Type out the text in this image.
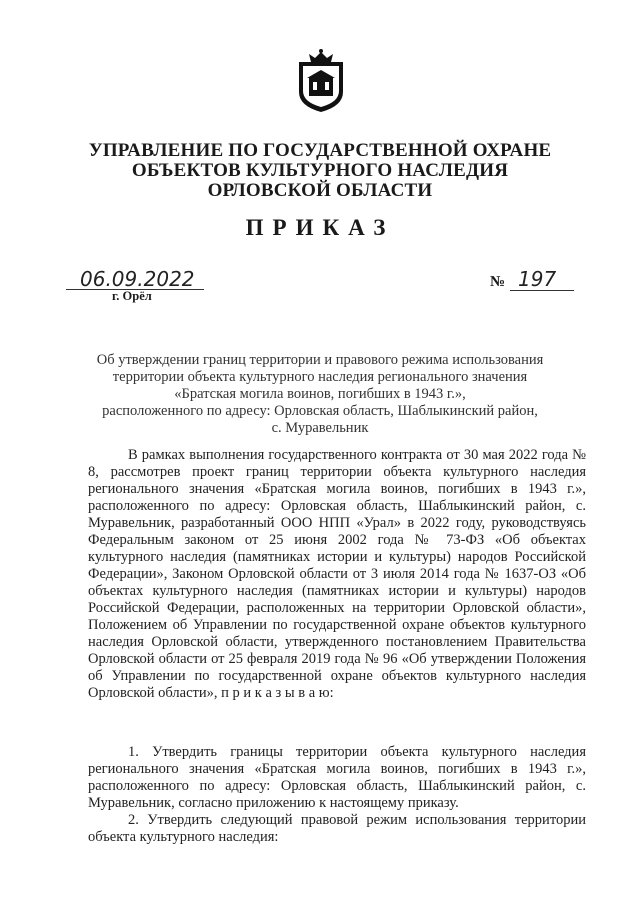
УПРАВЛЕНИЕ ПО ГОСУДАРСТВЕННОЙ ОХРАНЕ
ОБЪЕКТОВ КУЛЬТУРНОГО НАСЛЕДИЯ
ОРЛОВСКОЙ ОБЛАСТИ
ПРИКАЗ
06.09.2022
г. Орёл
№ 197
Об утверждении границ территории и правового режима использования
территории объекта культурного наследия регионального значения
«Братская могила воинов, погибших в 1943 г.»,
расположенного по адресу: Орловская область, Шаблыкинский район,
с. Муравельник

В рамках выполнения государственного контракта от 30 мая 2022 года № 8, рассмотрев проект границ территории объекта культурного наследия регионального значения «Братская могила воинов, погибших в 1943 г.», расположенного по адресу: Орловская область, Шаблыкинский район, с. Муравельник, разработанный ООО НПП «Урал» в 2022 году, руководствуясь Федеральным законом от 25 июня 2002 года № 73-ФЗ «Об объектах культурного наследия (памятниках истории и культуры) народов Российской Федерации», Законом Орловской области от 3 июля 2014 года № 1637-ОЗ «Об объектах культурного наследия (памятниках истории и культуры) народов Российской Федерации, расположенных на территории Орловской области», Положением об Управлении по государственной охране объектов культурного наследия Орловской области, утвержденного постановлением Правительства Орловской области от 25 февраля 2019 года № 96 «Об утверждении Положения об Управлении по государственной охране объектов культурного наследия Орловской области», п р и к а з ы в а ю:

1. Утвердить границы территории объекта культурного наследия регионального значения «Братская могила воинов, погибших в 1943 г.», расположенного по адресу: Орловская область, Шаблыкинский район, с. Муравельник, согласно приложению к настоящему приказу.

2. Утвердить следующий правовой режим использования территории объекта культурного наследия:
